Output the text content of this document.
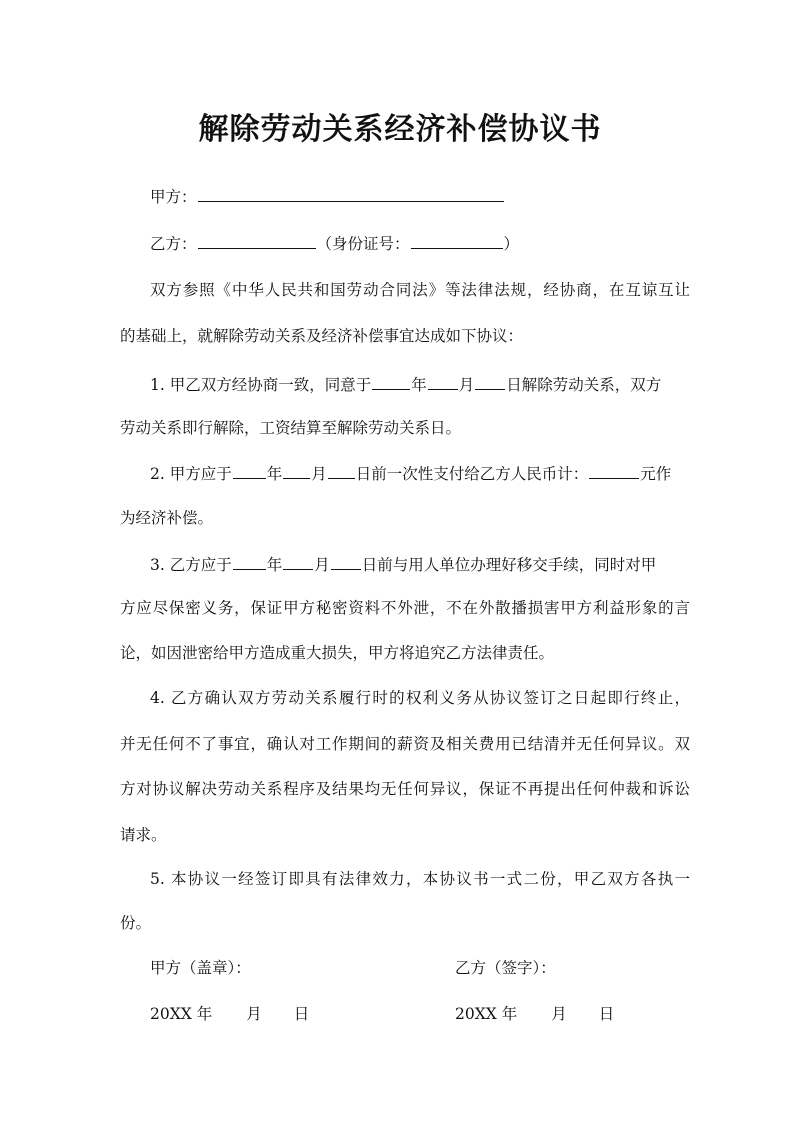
解除劳动关系经济补偿协议书
甲方：
乙方：	（身份证号：	）
双方参照《中华人民共和国劳动合同法》等法律法规，经协商，在互谅互让
的基础上，就解除劳动关系及经济补偿事宜达成如下协议：
1. 甲乙双方经协商一致，同意于	年 月 日解除劳动关系，双方
劳动关系即行解除，工资结算至解除劳动关系日。
2. 甲方应于 年 月 日前一次性支付给乙方人民币计：	元作
为经济补偿。
3. 乙方应于 年 月 日前与用人单位办理好移交手续，同时对甲
方应尽保密义务，保证甲方秘密资料不外泄，不在外散播损害甲方利益形象的言
论，如因泄密给甲方造成重大损失，甲方将追究乙方法律责任。
4. 乙方确认双方劳动关系履行时的权利义务从协议签订之日起即行终止，
并无任何不了事宜，确认对工作期间的薪资及相关费用已结清并无任何异议。双
方对协议解决劳动关系程序及结果均无任何异议，保证不再提出任何仲裁和诉讼
请求。
5. 本协议一经签订即具有法律效力，本协议书一式二份，甲乙双方各执一
份。
甲方（盖章）：	乙方（签字）：
20XX 年 月 日	20XX 年 月 日
